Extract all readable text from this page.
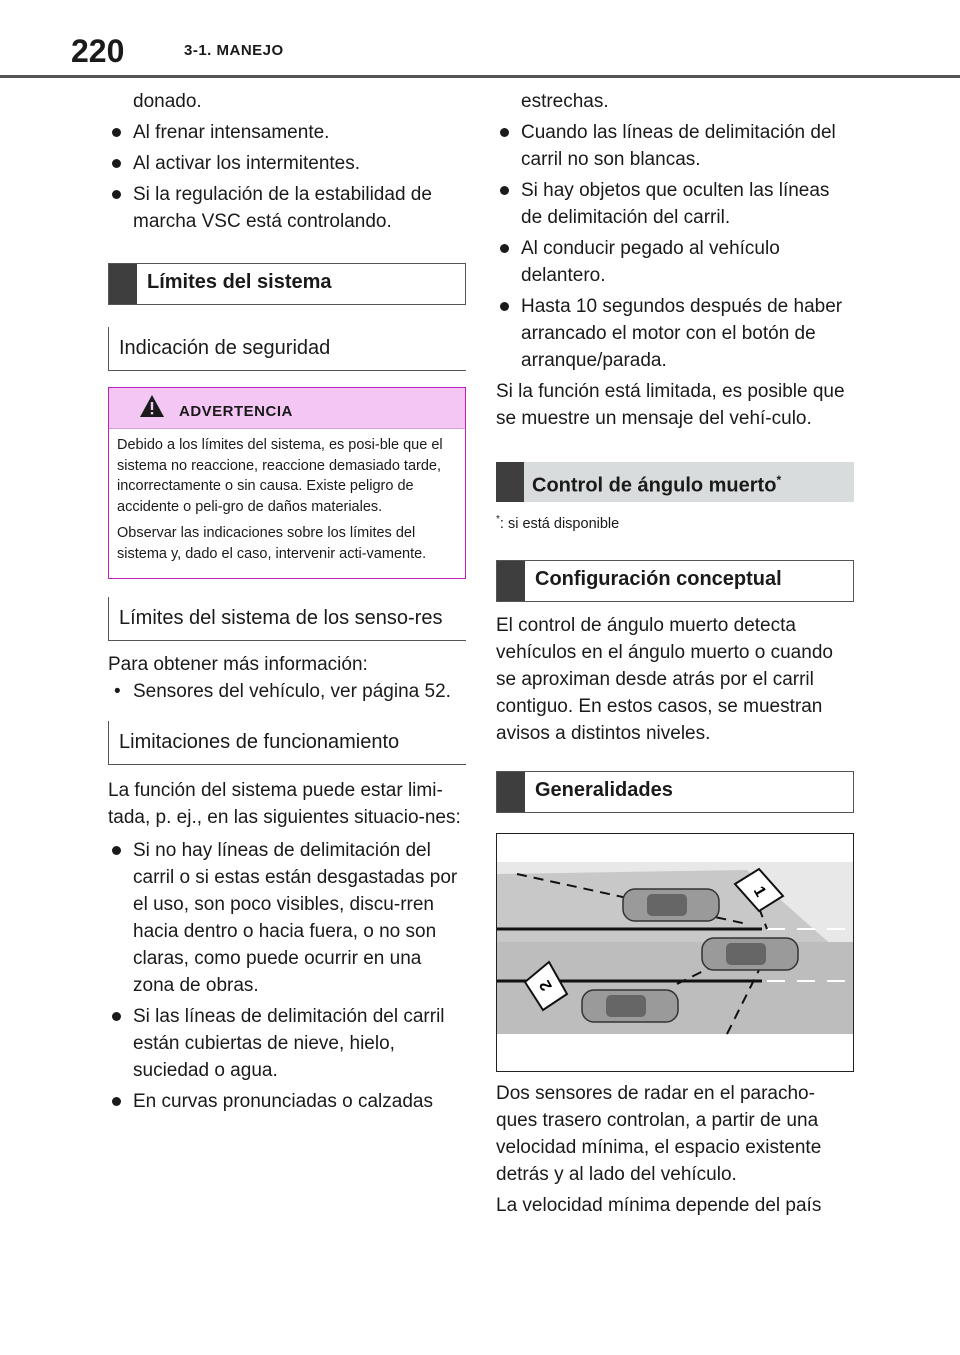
220	3-1. MANEJO

donado.

Al frenar intensamente.
Al activar los intermitentes.
Si la regulación de la estabilidad de marcha VSC está controlando.
Límites del sistema
Indicación de seguridad
ADVERTENCIA

Debido a los límites del sistema, es posi-ble que el sistema no reaccione, reaccione demasiado tarde, incorrectamente o sin causa. Existe peligro de accidente o peli-gro de daños materiales.

Observar las indicaciones sobre los límites del sistema y, dado el caso, intervenir acti-vamente.

Límites del sistema de los senso-res

Para obtener más información:

• Sensores del vehículo, ver página 52.
Limitaciones de funcionamiento

La función del sistema puede estar limi-tada, p. ej., en las siguientes situacio-nes:

Si no hay líneas de delimitación del carril o si estas están desgastadas por el uso, son poco visibles, discu-rren hacia dentro o hacia fuera, o no son claras, como puede ocurrir en una zona de obras.
Si las líneas de delimitación del carril están cubiertas de nieve, hielo, suciedad o agua.
En curvas pronunciadas o calzadas

estrechas.

Cuando las líneas de delimitación del carril no son blancas.
Si hay objetos que oculten las líneas de delimitación del carril.
Al conducir pegado al vehículo delantero.
Hasta 10 segundos después de haber arrancado el motor con el botón de arranque/parada.

Si la función está limitada, es posible que se muestre un mensaje del vehí-culo.

Control de ángulo muerto*
*: si está disponible
Configuración conceptual

El control de ángulo muerto detecta vehículos en el ángulo muerto o cuando se aproximan desde atrás por el carril contiguo. En estos casos, se muestran avisos a distintos niveles.

Generalidades
1
2

Dos sensores de radar en el paracho-ques trasero controlan, a partir de una velocidad mínima, el espacio existente detrás y al lado del vehículo.

La velocidad mínima depende del país
